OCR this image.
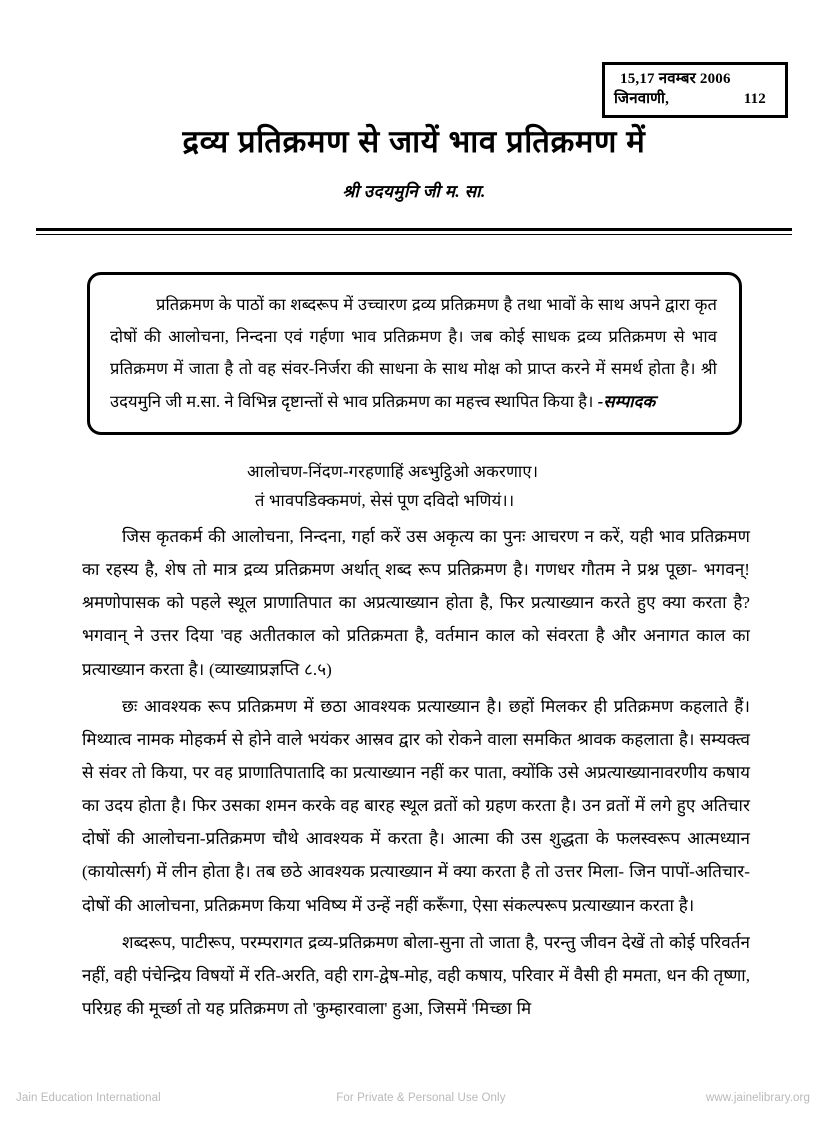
15,17 नवम्बर 2006
जिनवाणी,	112
द्रव्य प्रतिक्रमण से जायें भाव प्रतिक्रमण में
श्री उदयमुनि जी म. सा.

प्रतिक्रमण के पाठों का शब्दरूप में उच्चारण द्रव्य प्रतिक्रमण है तथा भावों के साथ अपने द्वारा कृत दोषों की आलोचना, निन्दना एवं गर्हणा भाव प्रतिक्रमण है। जब कोई साधक द्रव्य प्रतिक्रमण से भाव प्रतिक्रमण में जाता है तो वह संवर-निर्जरा की साधना के साथ मोक्ष को प्राप्त करने में समर्थ होता है। श्री उदयमुनि जी म.सा. ने विभिन्न दृष्टान्तों से भाव प्रतिक्रमण का महत्त्व स्थापित किया है। -सम्पादक

आलोचण-निंदण-गरहणाहिं अब्भुट्ठिओ अकरणाए।
तं भावपडिक्कमणं, सेसं पूण दविदो भणियं।।

जिस कृतकर्म की आलोचना, निन्दना, गर्हा करें उस अकृत्य का पुनः आचरण न करें, यही भाव प्रतिक्रमण का रहस्य है, शेष तो मात्र द्रव्य प्रतिक्रमण अर्थात् शब्द रूप प्रतिक्रमण है। गणधर गौतम ने प्रश्न पूछा- भगवन्! श्रमणोपासक को पहले स्थूल प्राणातिपात का अप्रत्याख्यान होता है, फिर प्रत्याख्यान करते हुए क्या करता है? भगवान् ने उत्तर दिया 'वह अतीतकाल को प्रतिक्रमता है, वर्तमान काल को संवरता है और अनागत काल का प्रत्याख्यान करता है। (व्याख्याप्रज्ञप्ति ८.५)

छः आवश्यक रूप प्रतिक्रमण में छठा आवश्यक प्रत्याख्यान है। छहों मिलकर ही प्रतिक्रमण कहलाते हैं। मिथ्यात्व नामक मोहकर्म से होने वाले भयंकर आस्रव द्वार को रोकने वाला समकित श्रावक कहलाता है। सम्यक्त्व से संवर तो किया, पर वह प्राणातिपातादि का प्रत्याख्यान नहीं कर पाता, क्योंकि उसे अप्रत्याख्यानावरणीय कषाय का उदय होता है। फिर उसका शमन करके वह बारह स्थूल व्रतों को ग्रहण करता है। उन व्रतों में लगे हुए अतिचार दोषों की आलोचना-प्रतिक्रमण चौथे आवश्यक में करता है। आत्मा की उस शुद्धता के फलस्वरूप आत्मध्यान (कायोत्सर्ग) में लीन होता है। तब छठे आवश्यक प्रत्याख्यान में क्या करता है तो उत्तर मिला- जिन पापों-अतिचार-दोषों की आलोचना, प्रतिक्रमण किया भविष्य में उन्हें नहीं करूँगा, ऐसा संकल्परूप प्रत्याख्यान करता है।

शब्दरूप, पाटीरूप, परम्परागत द्रव्य-प्रतिक्रमण बोला-सुना तो जाता है, परन्तु जीवन देखें तो कोई परिवर्तन नहीं, वही पंचेन्द्रिय विषयों में रति-अरति, वही राग-द्वेष-मोह, वही कषाय, परिवार में वैसी ही ममता, धन की तृष्णा, परिग्रह की मूर्च्छा तो यह प्रतिक्रमण तो 'कुम्हारवाला' हुआ, जिसमें 'मिच्छा मि

Jain Education International	For Private & Personal Use Only	www.jainelibrary.org
